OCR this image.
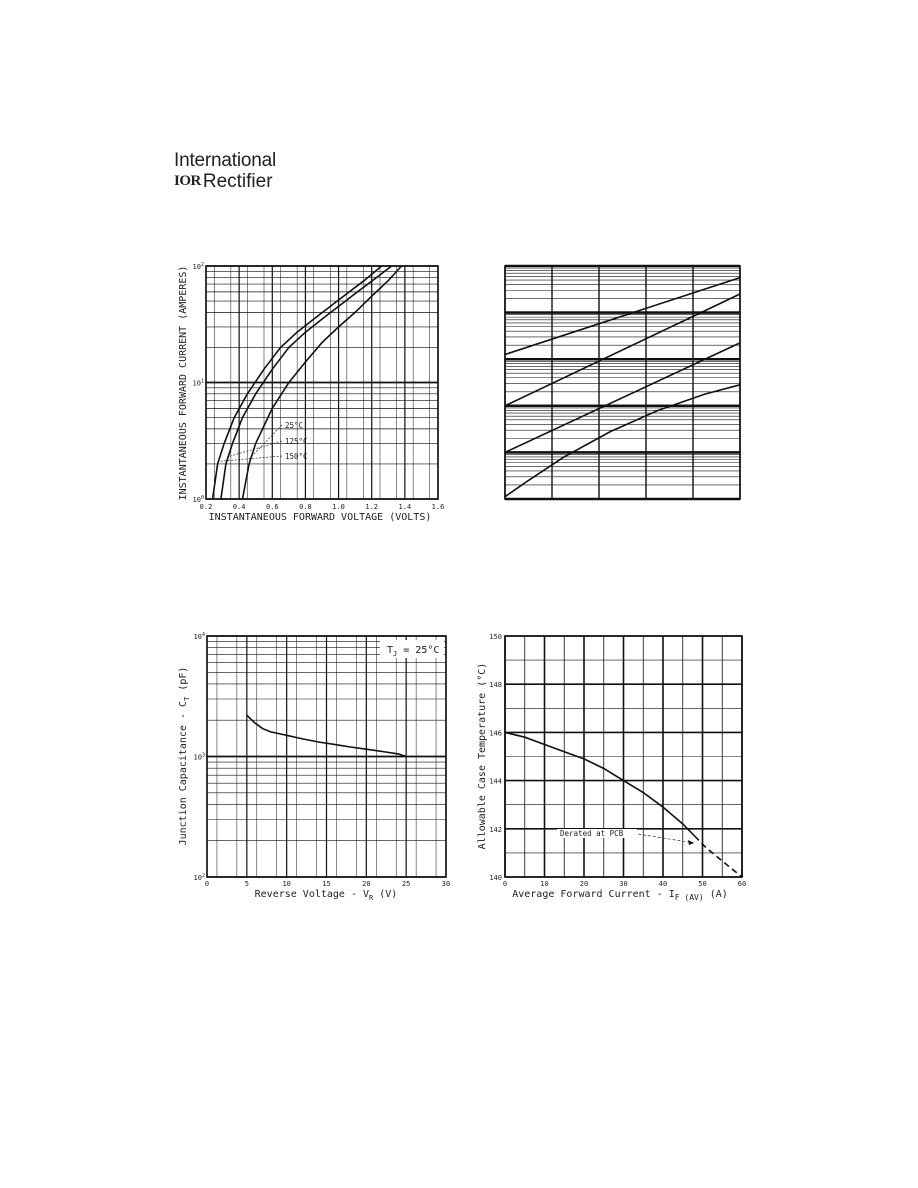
International
IOR Rectifier
0.2	0.4	0.6	0.8	1.0	1.2	1.4	1.6
$10^0$
$10^1$
$10^2$
INSTANTANEOUS FORWARD VOLTAGE (VOLTS)
INSTANTANEOUS FORWARD CURRENT (AMPERES)	25°C
125°C
150°C
0	5	10	15	20	25	30
$10^2$
$10^3$
$10^4$
$T_J = 25^\circ C$
Reverse Voltage - $V_R$ (V)
Junction Capacitance - $C_T$ (pF)
Derated at PCB
0	10	20	30	40	50	60
140
142
144
146
148
150
Average Forward Current - $I_{F (AV)}$ (A)
Allowable Case Temperature (°C)
